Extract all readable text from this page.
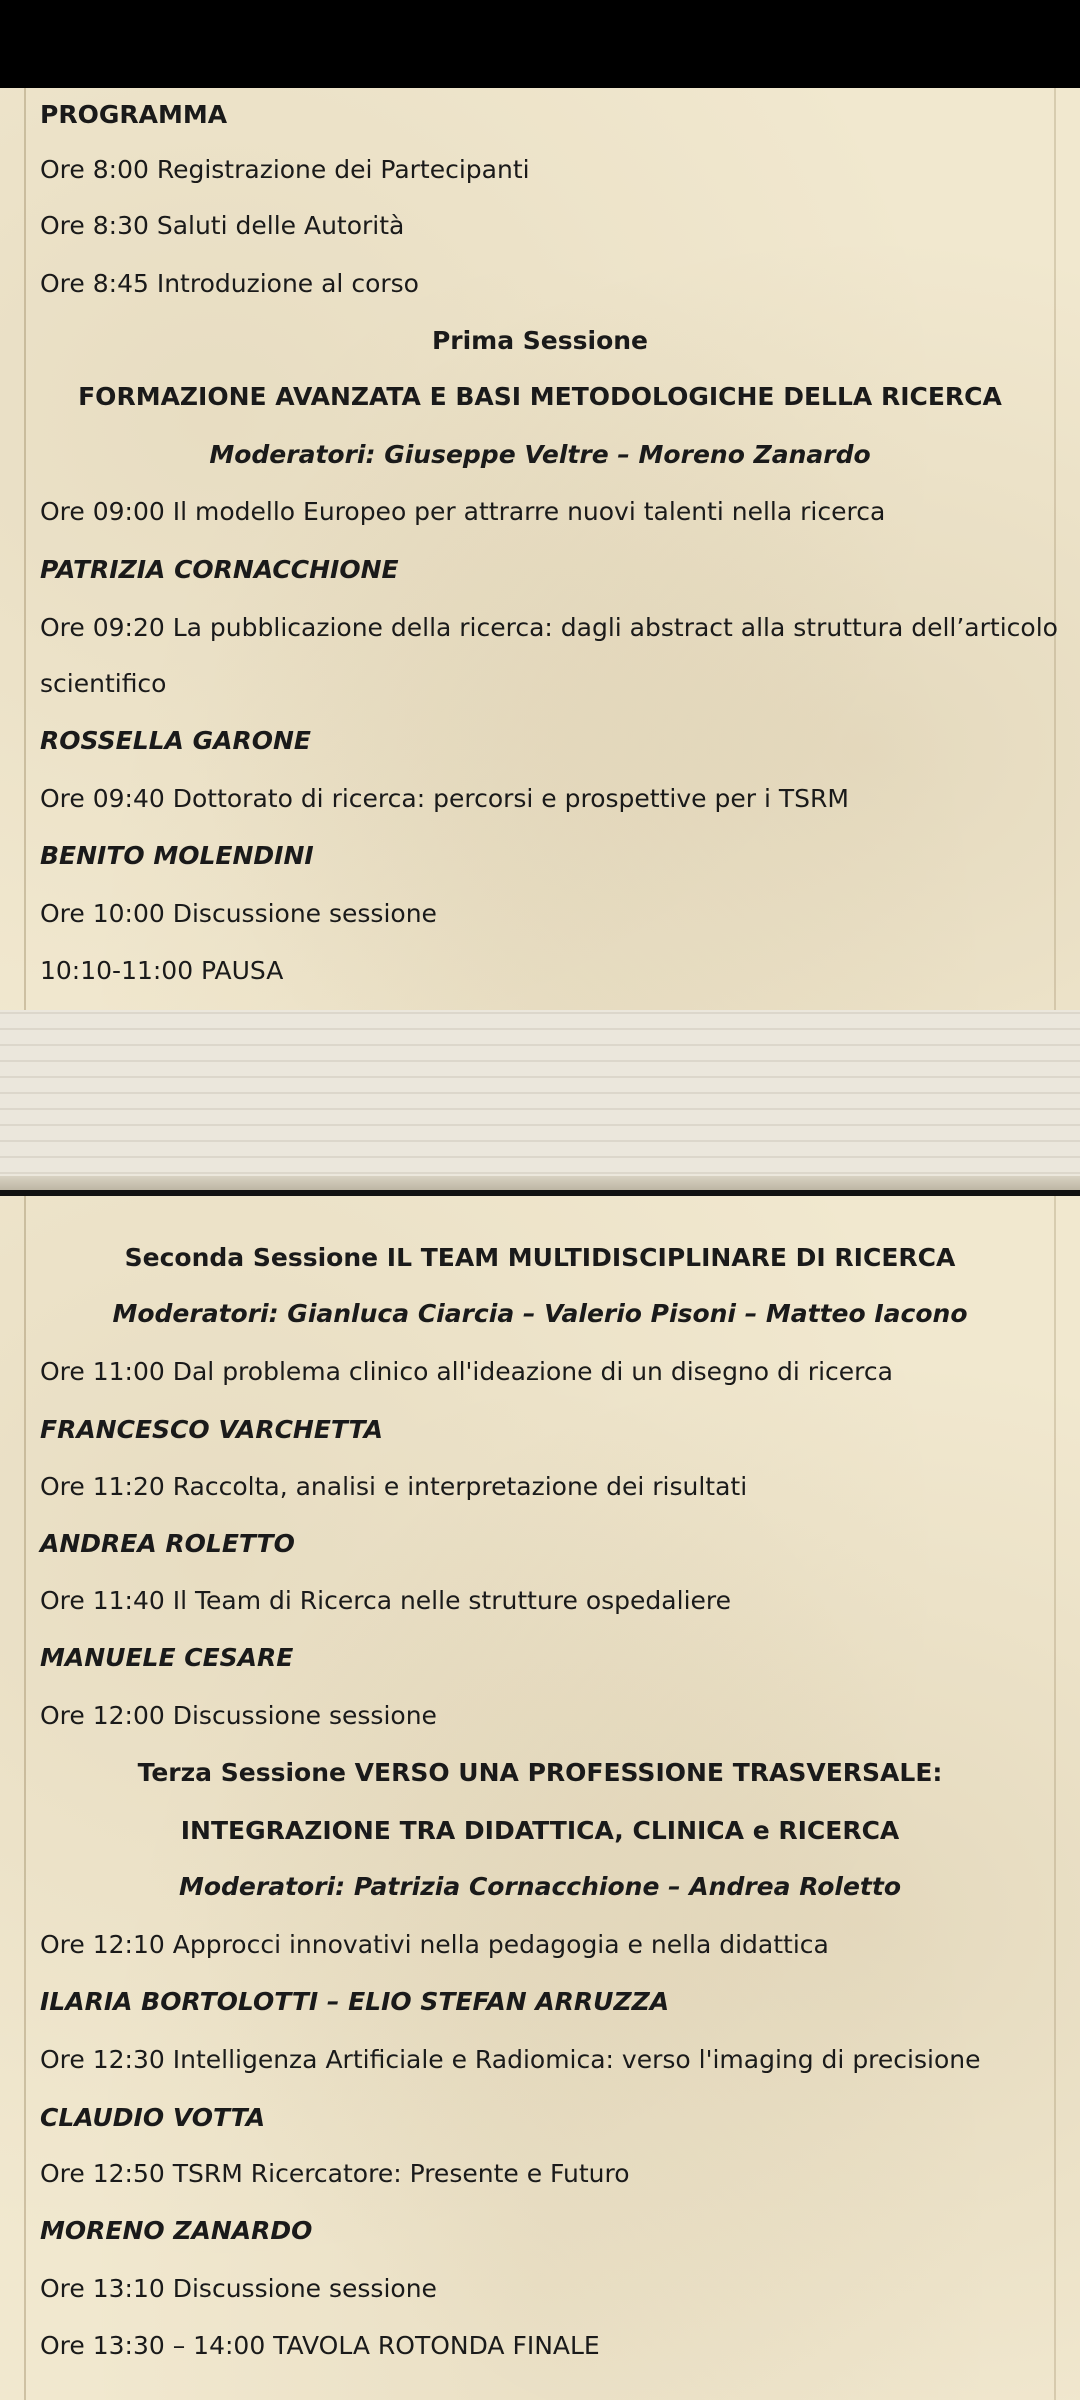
PROGRAMMA
Ore 8:00 Registrazione dei Partecipanti
Ore 8:30 Saluti delle Autorità
Ore 8:45 Introduzione al corso
Prima Sessione
FORMAZIONE AVANZATA E BASI METODOLOGICHE DELLA RICERCA
Moderatori: Giuseppe Veltre – Moreno Zanardo
Ore 09:00 Il modello Europeo per attrarre nuovi talenti nella ricerca
PATRIZIA CORNACCHIONE
Ore 09:20 La pubblicazione della ricerca: dagli abstract alla struttura dell’articolo
scientifico
ROSSELLA GARONE
Ore 09:40 Dottorato di ricerca: percorsi e prospettive per i TSRM
BENITO MOLENDINI
Ore 10:00 Discussione sessione
10:10-11:00 PAUSA
Seconda Sessione IL TEAM MULTIDISCIPLINARE DI RICERCA
Moderatori: Gianluca Ciarcia – Valerio Pisoni – Matteo Iacono
Ore 11:00 Dal problema clinico all'ideazione di un disegno di ricerca
FRANCESCO VARCHETTA
Ore 11:20 Raccolta, analisi e interpretazione dei risultati
ANDREA ROLETTO
Ore 11:40 Il Team di Ricerca nelle strutture ospedaliere
MANUELE CESARE
Ore 12:00 Discussione sessione
Terza Sessione VERSO UNA PROFESSIONE TRASVERSALE:
INTEGRAZIONE TRA DIDATTICA, CLINICA e RICERCA
Moderatori: Patrizia Cornacchione – Andrea Roletto
Ore 12:10 Approcci innovativi nella pedagogia e nella didattica
ILARIA BORTOLOTTI – ELIO STEFAN ARRUZZA
Ore 12:30 Intelligenza Artificiale e Radiomica: verso l'imaging di precisione
CLAUDIO VOTTA
Ore 12:50 TSRM Ricercatore: Presente e Futuro
MORENO ZANARDO
Ore 13:10 Discussione sessione
Ore 13:30 – 14:00 TAVOLA ROTONDA FINALE
